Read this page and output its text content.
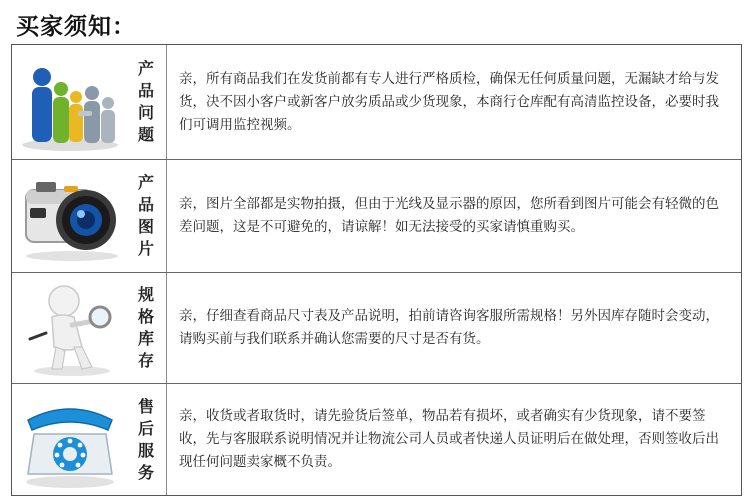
买家须知：
产品问题
亲，所有商品我们在发货前都有专人进行严格质检，确保无任何质量问题，无漏缺才给与发货，决不因小客户或新客户放劣质品或少货现象，本商行仓库配有高清监控设备，必要时我们可调用监控视频。
产品图片
亲，图片全部都是实物拍摄，但由于光线及显示器的原因，您所看到图片可能会有轻微的色差问题，这是不可避免的，请谅解！如无法接受的买家请慎重购买。
规格库存
亲，仔细查看商品尺寸表及产品说明，拍前请咨询客服所需规格！另外因库存随时会变动，请购买前与我们联系并确认您需要的尺寸是否有货。
售后服务
亲，收货或者取货时，请先验货后签单，物品若有损坏，或者确实有少货现象，请不要签收，先与客服联系说明情况并让物流公司人员或者快递人员证明后在做处理，否则签收后出现任何问题卖家概不负责。
